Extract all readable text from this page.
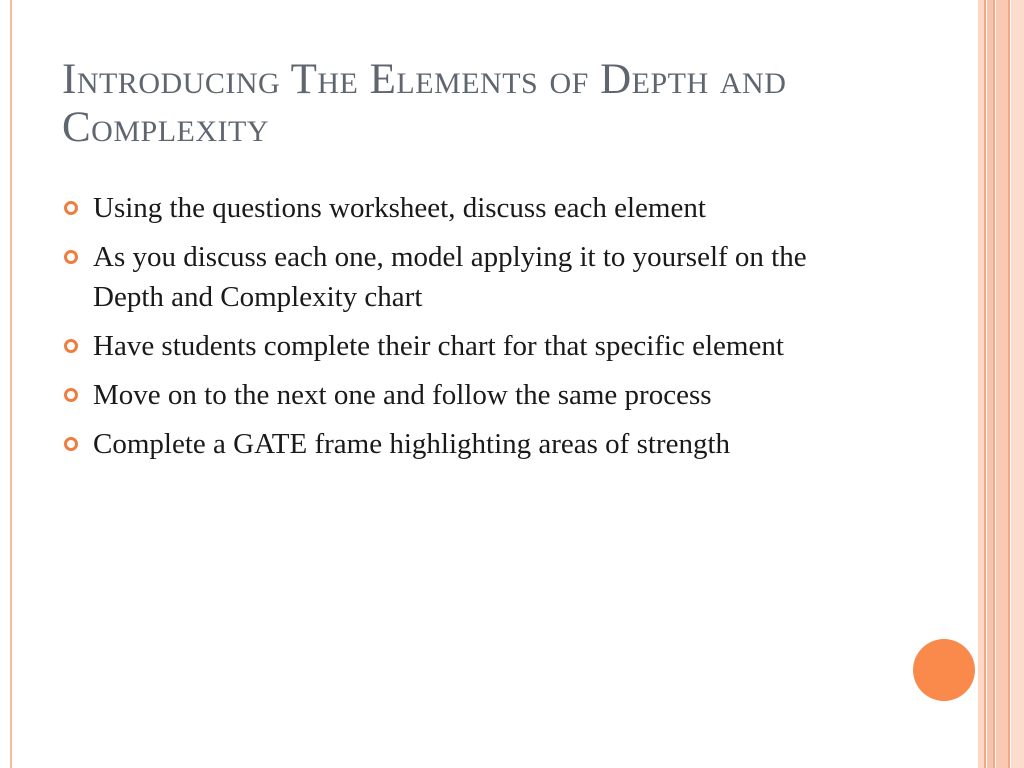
Introducing The Elements of Depth and Complexity
Using the questions worksheet, discuss each element
As you discuss each one, model applying it to yourself on the Depth and Complexity chart
Have students complete their chart for that specific element
Move on to the next one and follow the same process
Complete a GATE frame highlighting areas of strength
